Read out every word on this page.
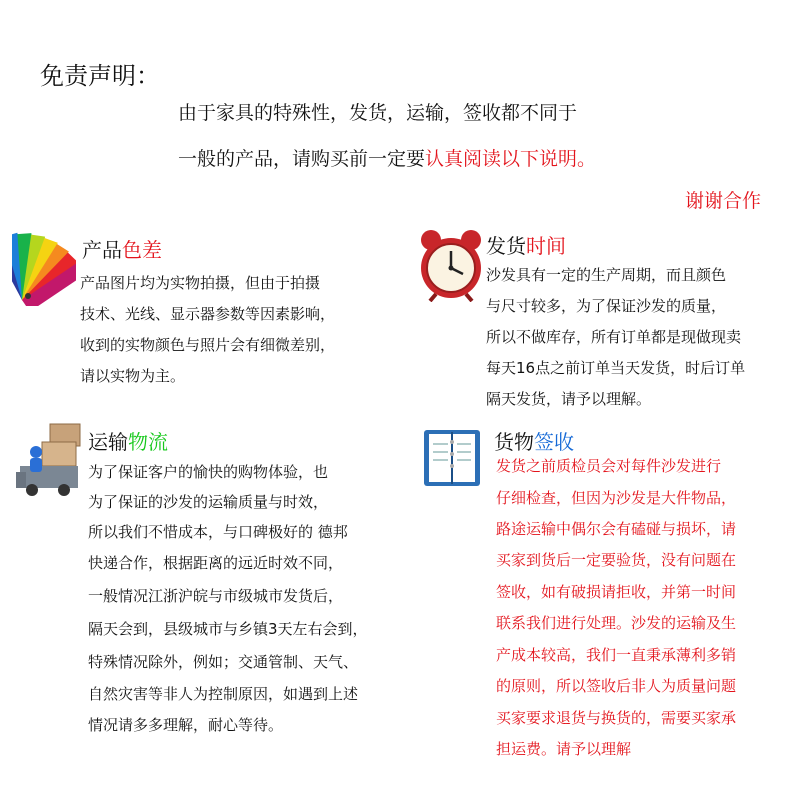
免责声明：
由于家具的特殊性，发货，运输，签收都不同于
一般的产品，请购买前一定要认真阅读以下说明。
谢谢合作
产品色差
产品图片均为实物拍摄，但由于拍摄
技术、光线、显示器参数等因素影响，
收到的实物颜色与照片会有细微差别，
请以实物为主。
发货时间
沙发具有一定的生产周期，而且颜色
与尺寸较多，为了保证沙发的质量，
所以不做库存，所有订单都是现做现卖
每天16点之前订单当天发货，时后订单
隔天发货，请予以理解。
运输物流
为了保证客户的愉快的购物体验，也
为了保证的沙发的运输质量与时效，
所以我们不惜成本，与口碑极好的 德邦
快递合作，根据距离的远近时效不同，
一般情况江浙沪皖与市级城市发货后，
隔天会到，县级城市与乡镇3天左右会到，
特殊情况除外，例如；交通管制、天气、
自然灾害等非人为控制原因，如遇到上述
情况请多多理解，耐心等待。
货物签收
发货之前质检员会对每件沙发进行
仔细检查，但因为沙发是大件物品，
路途运输中偶尔会有磕碰与损坏，请
买家到货后一定要验货，没有问题在
签收，如有破损请拒收，并第一时间
联系我们进行处理。沙发的运输及生
产成本较高，我们一直秉承薄利多销
的原则，所以签收后非人为质量问题
买家要求退货与换货的，需要买家承
担运费。请予以理解
